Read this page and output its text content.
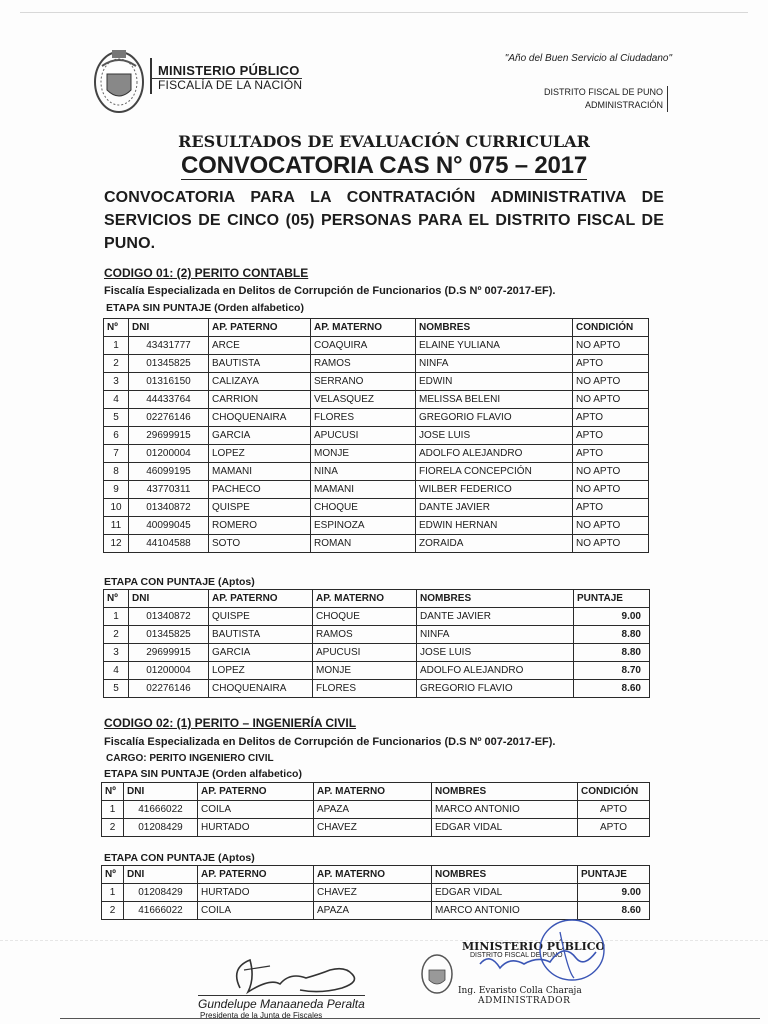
MINISTERIO PÚBLICO
FISCALÍA DE LA NACIÓN
"Año del Buen Servicio al Ciudadano"
DISTRITO FISCAL DE PUNO
ADMINISTRACIÓN
RESULTADOS DE EVALUACIÓN CURRICULAR
CONVOCATORIA CAS N° 075 – 2017
CONVOCATORIA PARA LA CONTRATACIÓN ADMINISTRATIVA DE SERVICIOS DE CINCO (05) PERSONAS PARA EL DISTRITO FISCAL DE PUNO.
CODIGO 01: (2) PERITO CONTABLE
Fiscalía Especializada en Delitos de Corrupción de Funcionarios (D.S Nº 007-2017-EF).
ETAPA SIN PUNTAJE (Orden alfabetico)
Nº	DNI	AP. PATERNO	AP. MATERNO	NOMBRES	CONDICIÓN
1	43431777	ARCE	COAQUIRA	ELAINE YULIANA	NO APTO
2	01345825	BAUTISTA	RAMOS	NINFA	APTO
3	01316150	CALIZAYA	SERRANO	EDWIN	NO APTO
4	44433764	CARRION	VELASQUEZ	MELISSA BELENI	NO APTO
5	02276146	CHOQUENAIRA	FLORES	GREGORIO FLAVIO	APTO
6	29699915	GARCIA	APUCUSI	JOSE LUIS	APTO
7	01200004	LOPEZ	MONJE	ADOLFO ALEJANDRO	APTO
8	46099195	MAMANI	NINA	FIORELA CONCEPCIÓN	NO APTO
9	43770311	PACHECO	MAMANI	WILBER FEDERICO	NO APTO
10	01340872	QUISPE	CHOQUE	DANTE JAVIER	APTO
11	40099045	ROMERO	ESPINOZA	EDWIN HERNAN	NO APTO
12	44104588	SOTO	ROMAN	ZORAIDA	NO APTO
ETAPA CON PUNTAJE (Aptos)
Nº	DNI	AP. PATERNO	AP. MATERNO	NOMBRES	PUNTAJE
1	01340872	QUISPE	CHOQUE	DANTE JAVIER	9.00
2	01345825	BAUTISTA	RAMOS	NINFA	8.80
3	29699915	GARCIA	APUCUSI	JOSE LUIS	8.80
4	01200004	LOPEZ	MONJE	ADOLFO ALEJANDRO	8.70
5	02276146	CHOQUENAIRA	FLORES	GREGORIO FLAVIO	8.60
CODIGO 02: (1) PERITO – INGENIERÍA CIVIL
Fiscalía Especializada en Delitos de Corrupción de Funcionarios (D.S Nº 007-2017-EF).
CARGO: PERITO INGENIERO CIVIL
ETAPA SIN PUNTAJE (Orden alfabetico)
Nº	DNI	AP. PATERNO	AP. MATERNO	NOMBRES	CONDICIÓN
1	41666022	COILA	APAZA	MARCO ANTONIO	APTO
2	01208429	HURTADO	CHAVEZ	EDGAR VIDAL	APTO
ETAPA CON PUNTAJE (Aptos)
Nº	DNI	AP. PATERNO	AP. MATERNO	NOMBRES	PUNTAJE
1	01208429	HURTADO	CHAVEZ	EDGAR VIDAL	9.00
2	41666022	COILA	APAZA	MARCO ANTONIO	8.60
Gundelupe Manaaneda Peralta
Presidenta de la Junta de Fiscales
MINISTERIO PÚBLICO
DISTRITO FISCAL DE PUNO
Ing. Evaristo Colla Charaja
ADMINISTRADOR
